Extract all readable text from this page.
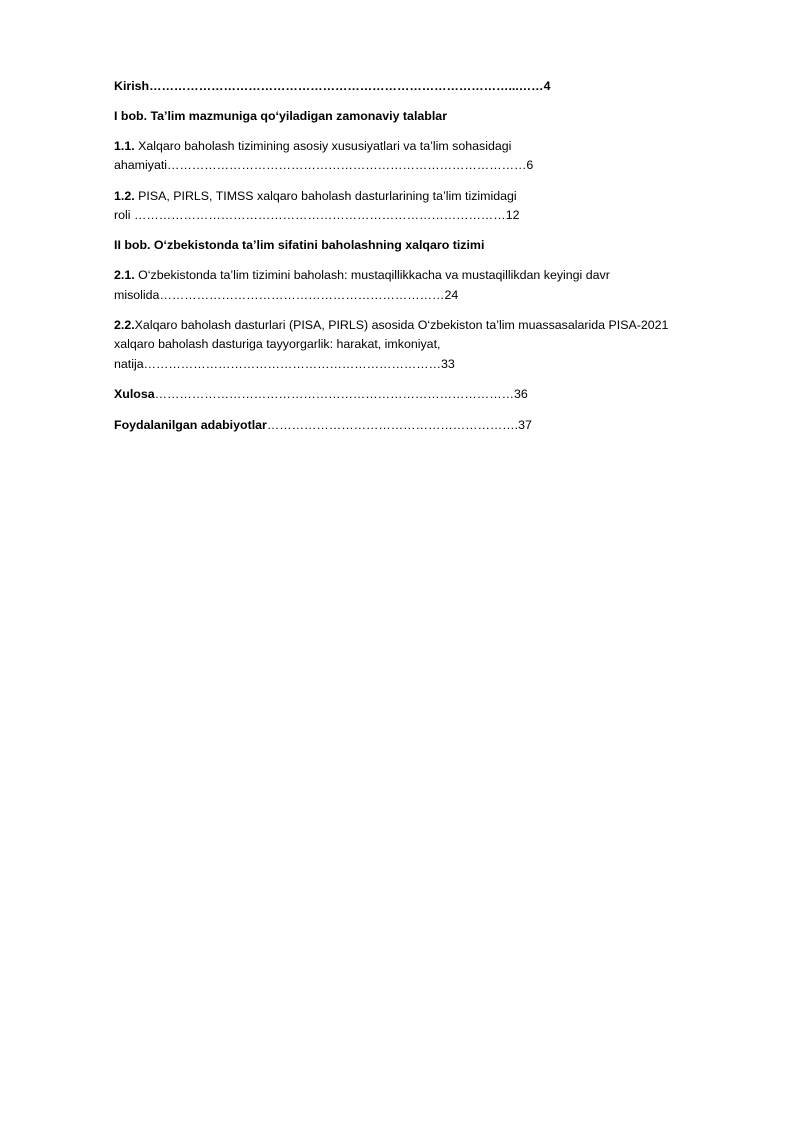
Kirish……………………………………………………………………………...……4
I bob. Ta’lim mazmuniga qo‘yiladigan zamonaviy talablar
1.1. Xalqaro baholash tizimining asosiy xususiyatlari va ta’lim sohasidagi
ahamiyati……………………………………………………………………………6
1.2. PISA, PIRLS, TIMSS xalqaro baholash dasturlarining ta’lim tizimidagi
roli ………………………………………………………………………………12
II bob. O‘zbekistonda ta’lim sifatini baholashning xalqaro tizimi
2.1. O‘zbekistonda ta’lim tizimini baholash: mustaqillikkacha va mustaqillikdan keyingi davr
misolida……………………………………………………………24
2.2.Xalqaro baholash dasturlari (PISA, PIRLS) asosida O‘zbekiston ta’lim muassasalarida PISA-2021
xalqaro baholash dasturiga tayyorgarlik: harakat, imkoniyat,
natija………………………………………………………………33
Xulosa……………………………………………………………………………36
Foydalanilgan adabiyotlar…………………………………………………….37
